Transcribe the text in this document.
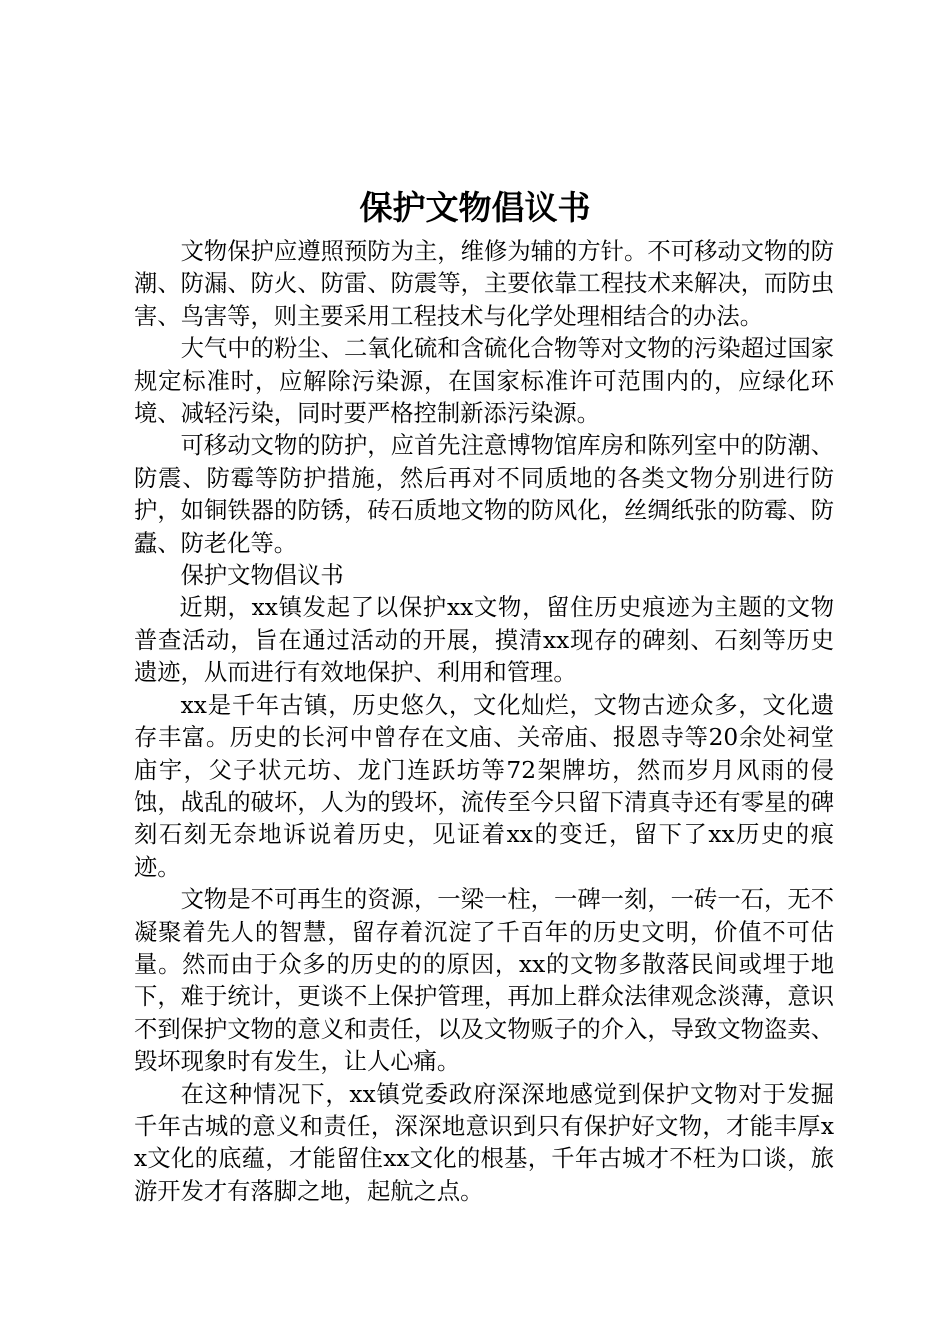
保护文物倡议书

文物保护应遵照预防为主，维修为辅的方针。不可移动文物的防潮、防漏、防火、防雷、防震等，主要依靠工程技术来解决，而防虫害、鸟害等，则主要采用工程技术与化学处理相结合的办法。

大气中的粉尘、二氧化硫和含硫化合物等对文物的污染超过国家规定标准时，应解除污染源，在国家标准许可范围内的，应绿化环境、减轻污染，同时要严格控制新添污染源。

可移动文物的防护，应首先注意博物馆库房和陈列室中的防潮、防震、防霉等防护措施，然后再对不同质地的各类文物分别进行防护，如铜铁器的防锈，砖石质地文物的防风化，丝绸纸张的防霉、防蠹、防老化等。

保护文物倡议书

近期，xx镇发起了以保护xx文物，留住历史痕迹为主题的文物普查活动，旨在通过活动的开展，摸清xx现存的碑刻、石刻等历史遗迹，从而进行有效地保护、利用和管理。

xx是千年古镇，历史悠久，文化灿烂，文物古迹众多，文化遗存丰富。历史的长河中曾存在文庙、关帝庙、报恩寺等20余处祠堂庙宇，父子状元坊、龙门连跃坊等72架牌坊，然而岁月风雨的侵蚀，战乱的破坏，人为的毁坏，流传至今只留下清真寺还有零星的碑刻石刻无奈地诉说着历史，见证着xx的变迁，留下了xx历史的痕迹。

文物是不可再生的资源，一梁一柱，一碑一刻，一砖一石，无不凝聚着先人的智慧，留存着沉淀了千百年的历史文明，价值不可估量。然而由于众多的历史的的原因，xx的文物多散落民间或埋于地下，难于统计，更谈不上保护管理，再加上群众法律观念淡薄，意识不到保护文物的意义和责任，以及文物贩子的介入，导致文物盗卖、毁坏现象时有发生，让人心痛。

在这种情况下，xx镇党委政府深深地感觉到保护文物对于发掘千年古城的意义和责任，深深地意识到只有保护好文物，才能丰厚xx文化的底蕴，才能留住xx文化的根基，千年古城才不枉为口谈，旅游开发才有落脚之地，起航之点。
